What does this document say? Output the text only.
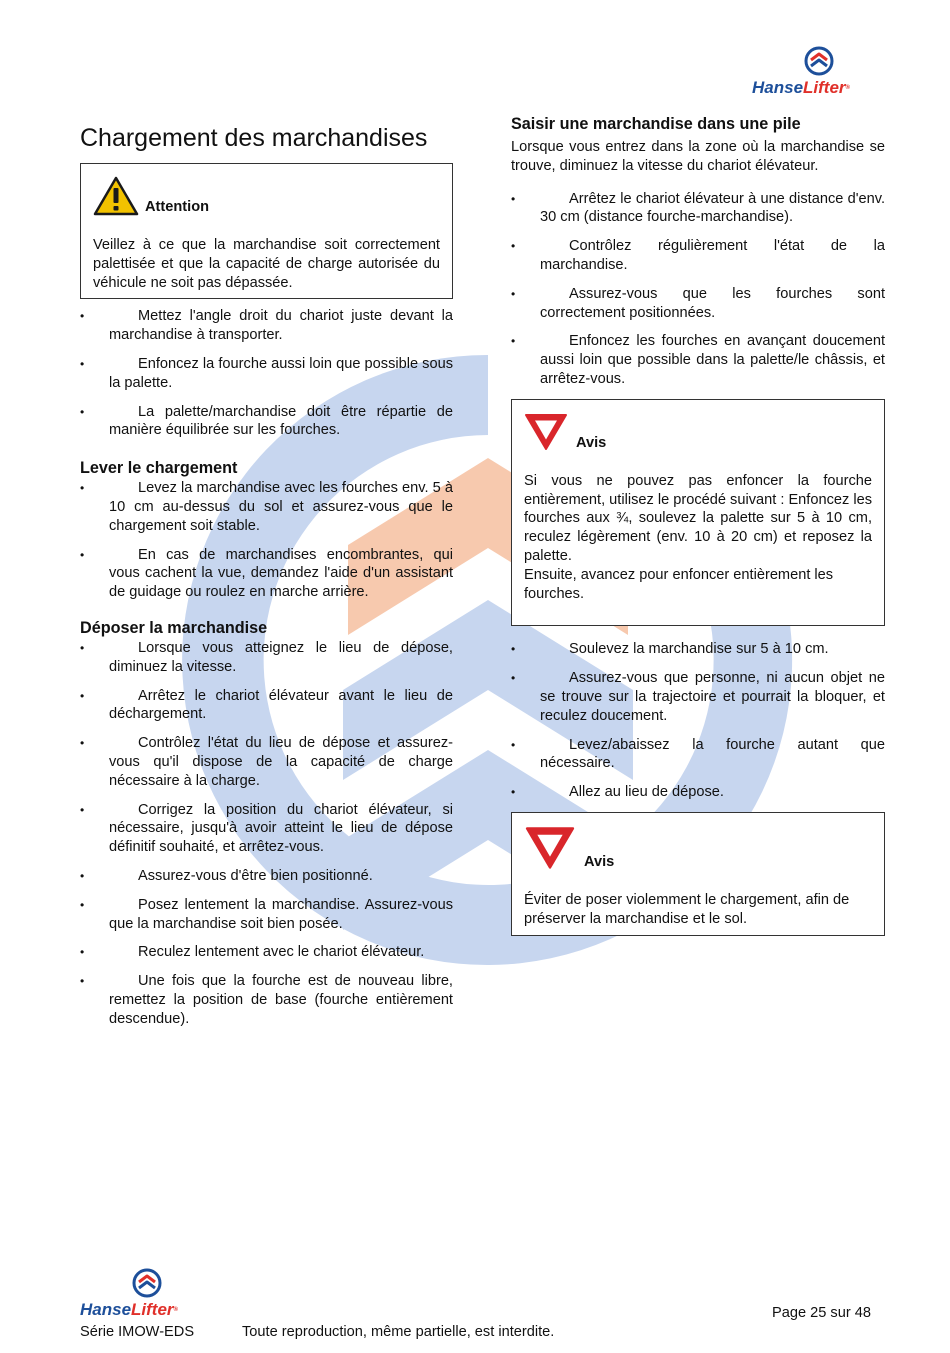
HanseLifter®
Chargement des marchandises
Attention

Veillez à ce que la marchandise soit correctement palettisée et que la capacité de charge autorisée du véhicule ne soit pas dépassée.

• Mettez l'angle droit du chariot juste devant la marchandise à transporter.
• Enfoncez la fourche aussi loin que possible sous la palette.
• La palette/marchandise doit être répartie de manière équilibrée sur les fourches.
Lever le chargement
• Levez la marchandise avec les fourches env. 5 à 10 cm au-dessus du sol et assurez-vous que le chargement soit stable.
• En cas de marchandises encombrantes, qui vous cachent la vue, demandez l'aide d'un assistant de guidage ou roulez en marche arrière.
Déposer la marchandise
• Lorsque vous atteignez le lieu de dépose, diminuez la vitesse.
• Arrêtez le chariot élévateur avant le lieu de déchargement.
• Contrôlez l'état du lieu de dépose et assurez-vous qu'il dispose de la capacité de charge nécessaire à la charge.
• Corrigez la position du chariot élévateur, si nécessaire, jusqu'à avoir atteint le lieu de dépose définitif souhaité, et arrêtez-vous.
• Assurez-vous d'être bien positionné.
• Posez lentement la marchandise. Assurez-vous que la marchandise soit bien posée.
• Reculez lentement avec le chariot élévateur.
• Une fois que la fourche est de nouveau libre, remettez la position de base (fourche entièrement descendue).
Saisir une marchandise dans une pile

Lorsque vous entrez dans la zone où la marchandise se trouve, diminuez la vitesse du chariot élévateur.

• Arrêtez le chariot élévateur à une distance d'env. 30 cm (distance fourche-marchandise).
• Contrôlez régulièrement l'état de la marchandise.
• Assurez-vous que les fourches sont correctement positionnées.
• Enfoncez les fourches en avançant doucement aussi loin que possible dans la palette/le châssis, et arrêtez-vous.
Avis

Si vous ne pouvez pas enfoncer la fourche entièrement, utilisez le procédé suivant : Enfoncez les fourches aux ¾, soulevez la palette sur 5 à 10 cm, reculez légèrement (env. 10 à 20 cm) et reposez la palette.

Ensuite, avancez pour enfoncer entièrement les fourches.

• Soulevez la marchandise sur 5 à 10 cm.
• Assurez-vous que personne, ni aucun objet ne se trouve sur la trajectoire et pourrait la bloquer, et reculez doucement.
• Levez/abaissez la fourche autant que nécessaire.
• Allez au lieu de dépose.
Avis

Éviter de poser violemment le chargement, afin de préserver la marchandise et le sol.

HanseLifter®
Série IMOW-EDS	Toute reproduction, même partielle, est interdite.
Page 25 sur 48
